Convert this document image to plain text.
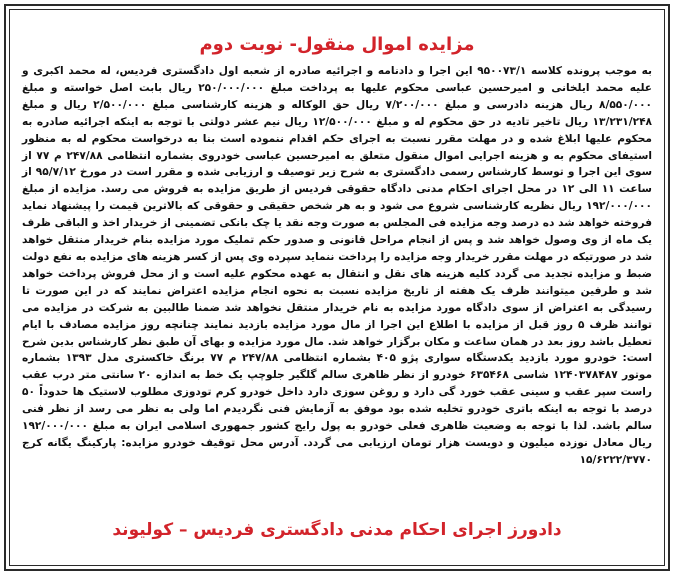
مزایده اموال منقول- نوبت دوم

به موجب پرونده کلاسه ۹۵۰۰۷۳/۱ این اجرا و دادنامه و اجرائیه صادره از شعبه اول دادگستری فردیس، له محمد اکبری و علیه محمد ایلخانی و امیرحسین عباسی محکوم علیها به پرداخت مبلغ ۲۵۰/۰۰۰/۰۰۰ ریال بابت اصل خواسته و مبلغ ۸/۵۵۰/۰۰۰ ریال هزینه دادرسی و مبلغ ۷/۲۰۰/۰۰۰ ریال حق الوکاله و هزینه کارشناسی مبلغ ۲/۵۰۰/۰۰۰ ریال و مبلغ ۱۳/۲۳۱/۲۴۸ ریال تاخیر تادیه در حق محکوم له و مبلغ ۱۲/۵۰۰/۰۰۰ ریال نیم عشر دولتی با توجه به اینکه اجرائیه صادره به محکوم علیها ابلاغ شده و در مهلت مقرر نسبت به اجرای حکم اقدام ننموده است بنا به درخواست محکوم له به منظور استیفای محکوم به و هزینه اجرایی اموال منقول متعلق به امیرحسین عباسی خودروی بشماره انتظامی ۲۴۷/۸۸ م ۷۷ از سوی این اجرا و توسط کارشناس رسمی دادگستری به شرح زیر توصیف و ارزیابی شده و مقرر است در مورخ ۹۵/۷/۱۲ از ساعت ۱۱ الی ۱۲ در محل اجرای احکام مدنی دادگاه حقوقی فردیس از طریق مزایده به فروش می رسد. مزایده از مبلغ ۱۹۲/۰۰۰/۰۰۰ ریال نظریه کارشناسی شروع می شود و به هر شخص حقیقی و حقوقی که بالاترین قیمت را پیشنهاد نماید فروخته خواهد شد ده درصد وجه مزایده فی المجلس به صورت وجه نقد یا چک بانکی تضمینی از خریدار اخذ و الباقی ظرف یک ماه از وی وصول خواهد شد و پس از انجام مراحل قانونی و صدور حکم تملیک مورد مزایده بنام خریدار منتقل خواهد شد در صورتیکه در مهلت مقرر خریدار وجه مزایده را پرداخت ننماید سپرده وی پس از کسر هزینه های مزایده به نفع دولت ضبط و مزایده تجدید می گردد کلیه هزینه های نقل و انتقال به عهده محکوم علیه است و از محل فروش پرداخت خواهد شد و طرفین میتوانند ظرف یک هفته از تاریخ مزایده نسبت به نحوه انجام مزایده اعتراض نمایند که در این صورت تا رسیدگی به اعتراض از سوی دادگاه مورد مزایده به نام خریدار منتقل نخواهد شد ضمنا طالبین به شرکت در مزایده می توانند ظرف ۵ روز قبل از مزایده با اطلاع این اجرا از مال مورد مزایده بازدید نمایند چنانچه روز مزایده مصادف با ایام تعطیل باشد روز بعد در همان ساعت و مکان برگزار خواهد شد. مال مورد مزایده و بهای آن طبق نظر کارشناس بدین شرح است: خودرو مورد بازدید یکدستگاه سواری پژو ۴۰۵ بشماره انتظامی ۲۴۷/۸۸ م ۷۷ برنگ خاکستری مدل ۱۳۹۳ بشماره موتور ۱۲۴۰۳۷۸۴۸۷ شاسی ۶۳۵۴۶۸ خودرو از نظر ظاهری سالم گلگیر جلوچپ یک خط به اندازه ۲۰ سانتی متر درب عقب راست سپر عقب و سینی عقب خورد گی دارد و روغن سوزی دارد داخل خودرو کرم تودوزی مطلوب لاستیک ها حدوداً ۵۰ درصد با توجه به اینکه باتری خودرو تخلیه شده بود موفق به آزمایش فنی نگردیدم اما ولی به نظر می رسد از نظر فنی سالم باشد. لذا با توجه به وضعیت ظاهری فعلی خودرو به پول رایج کشور جمهوری اسلامی ایران به مبلغ ۱۹۲/۰۰۰/۰۰۰ ریال معادل نوزده میلیون و دویست هزار تومان ارزیابی می گردد. آدرس محل توقیف خودرو مزایده: پارکینگ یگانه کرج ۱۵/۶۲۲۲/۳۷۷۰

دادورز اجرای احکام مدنی دادگستری فردیس – کولیوند
